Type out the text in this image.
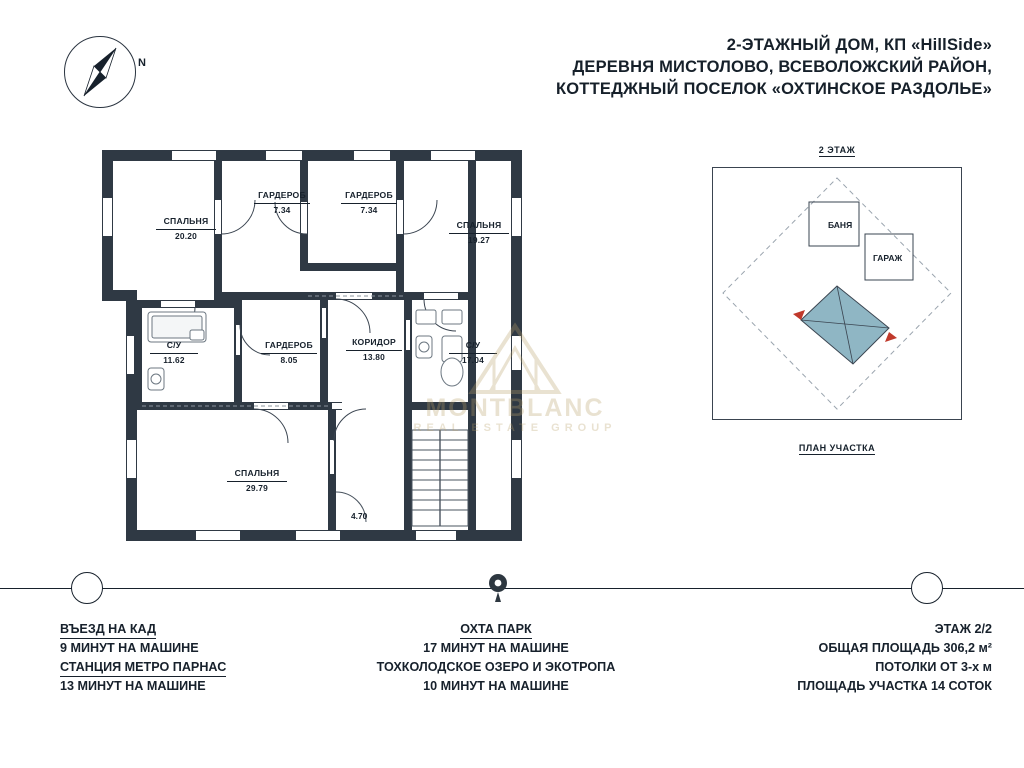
2-ЭТАЖНЫЙ ДОМ, КП «HillSide»
ДЕРЕВНЯ МИСТОЛОВО, ВСЕВОЛОЖСКИЙ РАЙОН,
КОТТЕДЖНЫЙ ПОСЕЛОК «ОХТИНСКОЕ РАЗДОЛЬЕ»
N
СПАЛЬНЯ
20.20
ГАРДЕРОБ
7.34
ГАРДЕРОБ
7.34
СПАЛЬНЯ
19.27
С/У
11.62
ГАРДЕРОБ
8.05
КОРИДОР
13.80
С/У
17.04
СПАЛЬНЯ
29.79
4.70
MONTBLANC
REAL ESTATE GROUP
2 ЭТАЖ
БАНЯ
ГАРАЖ
ПЛАН УЧАСТКА
ВЪЕЗД НА КАД
9 МИНУТ НА МАШИНЕ
СТАНЦИЯ МЕТРО ПАРНАС
13 МИНУТ НА МАШИНЕ
ОХТА ПАРК
17 МИНУТ НА МАШИНЕ
ТОХКОЛОДСКОЕ ОЗЕРО И ЭКОТРОПА
10 МИНУТ НА МАШИНЕ
ЭТАЖ 2/2
ОБЩАЯ ПЛОЩАДЬ 306,2 м²
ПОТОЛКИ ОТ 3-х м
ПЛОЩАДЬ УЧАСТКА 14 СОТОК
